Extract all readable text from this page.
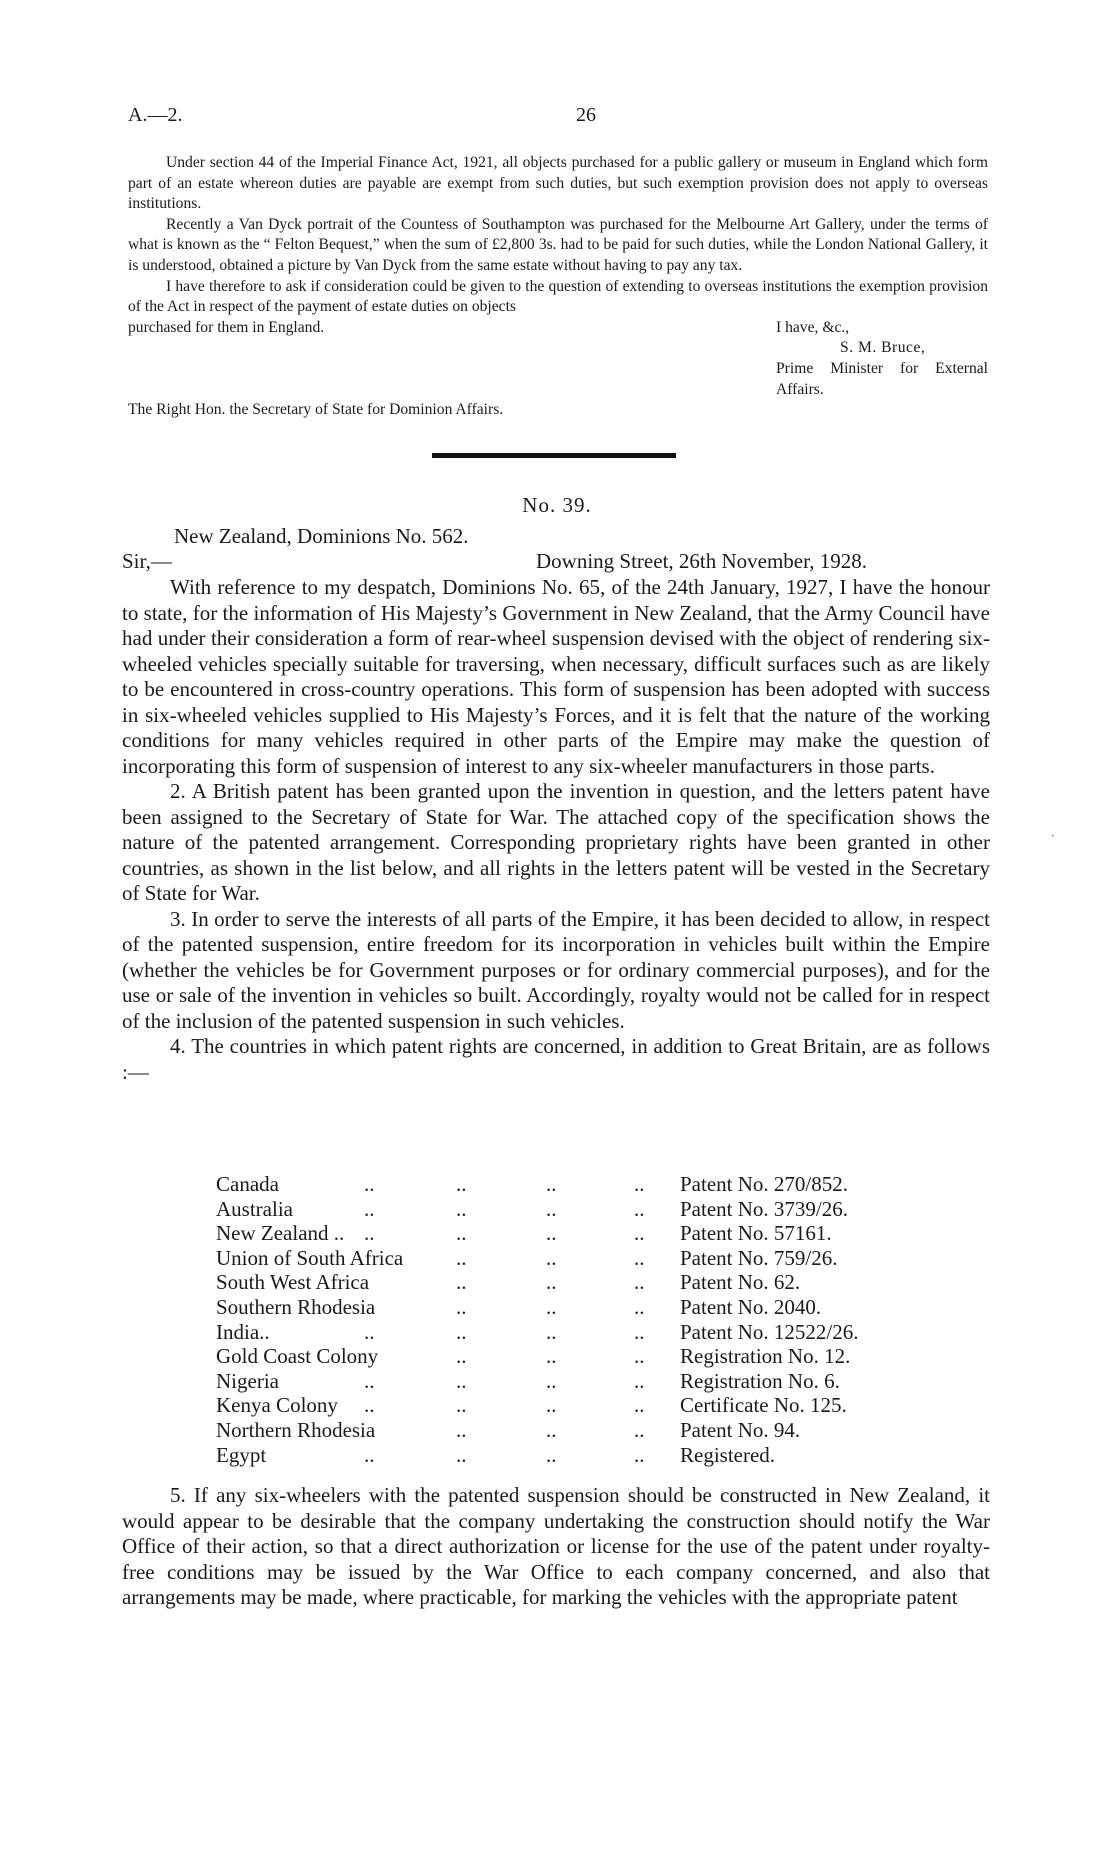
A.—2.	26

Under section 44 of the Imperial Finance Act, 1921, all objects purchased for a public gallery or museum in England which form part of an estate whereon duties are payable are exempt from such duties, but such exemption provision does not apply to overseas institutions.

Recently a Van Dyck portrait of the Countess of Southampton was purchased for the Melbourne Art Gallery, under the terms of what is known as the “ Felton Bequest,” when the sum of £2,800 3s. had to be paid for such duties, while the London National Gallery, it is understood, obtained a picture by Van Dyck from the same estate without having to pay any tax.

I have therefore to ask if consideration could be given to the question of extending to overseas institutions the exemption provision of the Act in respect of the payment of estate duties on objects

purchased for them in England.	I have, &c.,
S. M. Bruce,
Prime Minister for External Affairs.
The Right Hon. the Secretary of State for Dominion Affairs.
No. 39.
New Zealand, Dominions No. 562.
Sir,—	Downing Street, 26th November, 1928.

With reference to my despatch, Dominions No. 65, of the 24th January, 1927, I have the honour to state, for the information of His Majesty’s Government in New Zealand, that the Army Council have had under their consideration a form of rear-wheel suspension devised with the object of rendering six-wheeled vehicles specially suitable for traversing, when necessary, difficult surfaces such as are likely to be encountered in cross-country operations. This form of suspension has been adopted with success in six-wheeled vehicles supplied to His Majesty’s Forces, and it is felt that the nature of the working conditions for many vehicles required in other parts of the Empire may make the question of incorporating this form of suspension of interest to any six-wheeler manufacturers in those parts.

2. A British patent has been granted upon the invention in question, and the letters patent have been assigned to the Secretary of State for War. The attached copy of the specification shows the nature of the patented arrangement. Corresponding proprietary rights have been granted in other countries, as shown in the list below, and all rights in the letters patent will be vested in the Secretary of State for War.

3. In order to serve the interests of all parts of the Empire, it has been decided to allow, in respect of the patented suspension, entire freedom for its incorporation in vehicles built within the Empire (whether the vehicles be for Government purposes or for ordinary commercial purposes), and for the use or sale of the invention in vehicles so built. Accordingly, royalty would not be called for in respect of the inclusion of the patented suspension in such vehicles.

4. The countries in which patent rights are concerned, in addition to Great Britain, are as follows :—

Canada	..	..	..	.. Patent No. 270/852.
Australia	..	..	..	.. Patent No. 3739/26.
New Zealand .. ..	..	..	.. Patent No. 57161.
Union of South Africa	..	..	.. Patent No. 759/26.
South West Africa	..	..	.. Patent No. 62.
Southern Rhodesia	..	..	.. Patent No. 2040.
India..	..	..	..	.. Patent No. 12522/26.
Gold Coast Colony	..	..	.. Registration No. 12.
Nigeria	..	..	..	.. Registration No. 6.
Kenya Colony ..	..	..	.. Certificate No. 125.
Northern Rhodesia	..	..	.. Patent No. 94.
Egypt	..	..	..	.. Registered.

5. If any six-wheelers with the patented suspension should be constructed in New Zealand, it would appear to be desirable that the company undertaking the construction should notify the War Office of their action, so that a direct authorization or license for the use of the patent under royalty-free conditions may be issued by the War Office to each company concerned, and also that arrangements may be made, where practicable, for marking the vehicles with the appropriate patent

·
